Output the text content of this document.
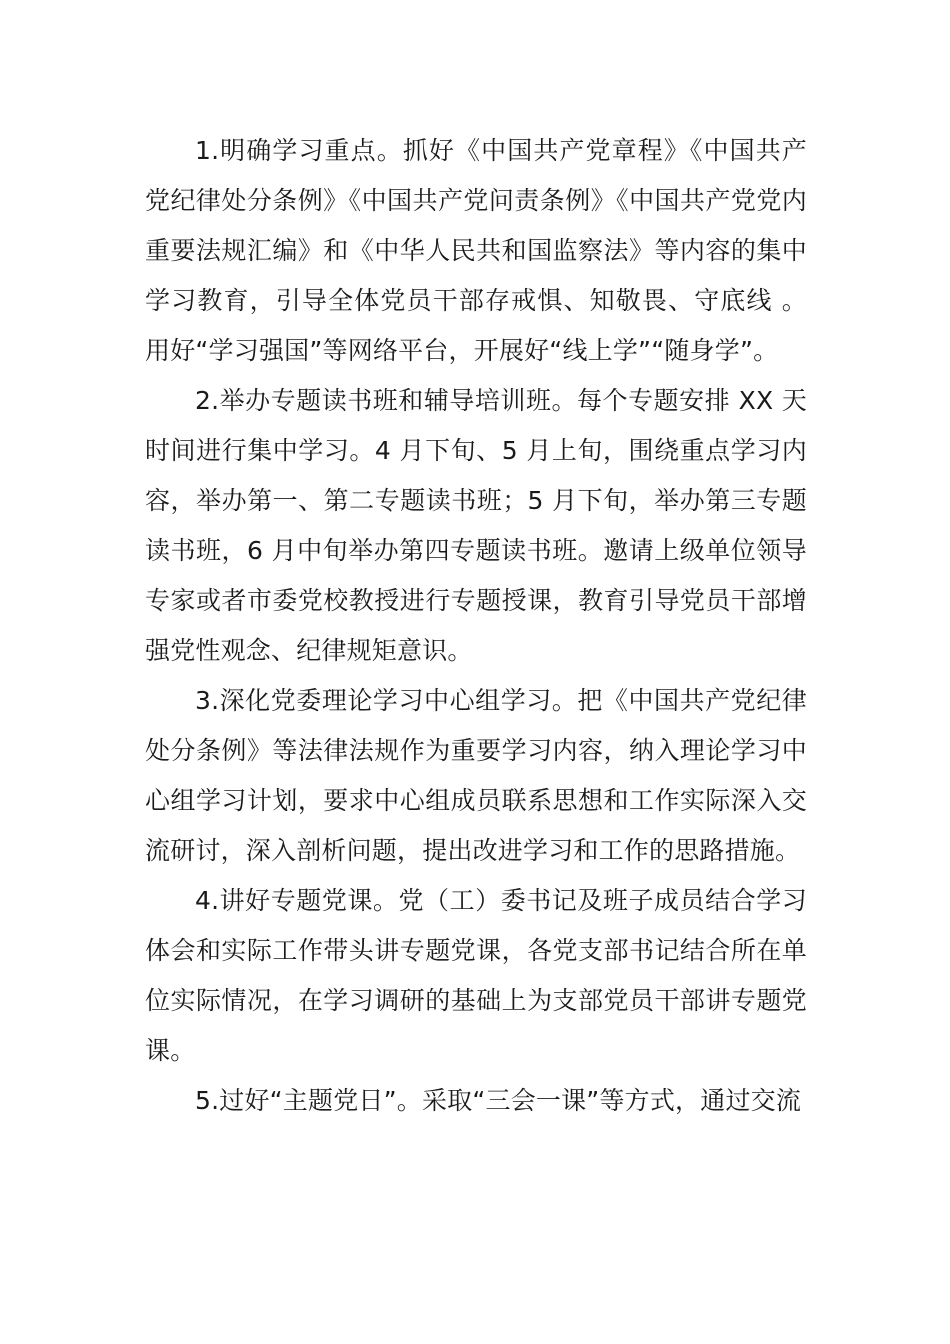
1.明确学习重点。抓好《中国共产党章程》《中国共产党纪律处分条例》《中国共产党问责条例》《中国共产党党内重要法规汇编》和《中华人民共和国监察法》等内容的集中学习教育，引导全体党员干部存戒惧、知敬畏、守底线 。用好“学习强国”等网络平台，开展好“线上学”“随身学”。

2.举办专题读书班和辅导培训班。每个专题安排 XX 天时间进行集中学习。4 月下旬、5 月上旬，围绕重点学习内容，举办第一、第二专题读书班；5 月下旬，举办第三专题读书班，6 月中旬举办第四专题读书班。邀请上级单位领导专家或者市委党校教授进行专题授课，教育引导党员干部增强党性观念、纪律规矩意识。

3.深化党委理论学习中心组学习。把《中国共产党纪律处分条例》等法律法规作为重要学习内容，纳入理论学习中心组学习计划，要求中心组成员联系思想和工作实际深入交流研讨，深入剖析问题，提出改进学习和工作的思路措施。

4.讲好专题党课。党（工）委书记及班子成员结合学习体会和实际工作带头讲专题党课，各党支部书记结合所在单位实际情况，在学习调研的基础上为支部党员干部讲专题党课。

5.过好“主题党日”。采取“三会一课”等方式，通过交流
